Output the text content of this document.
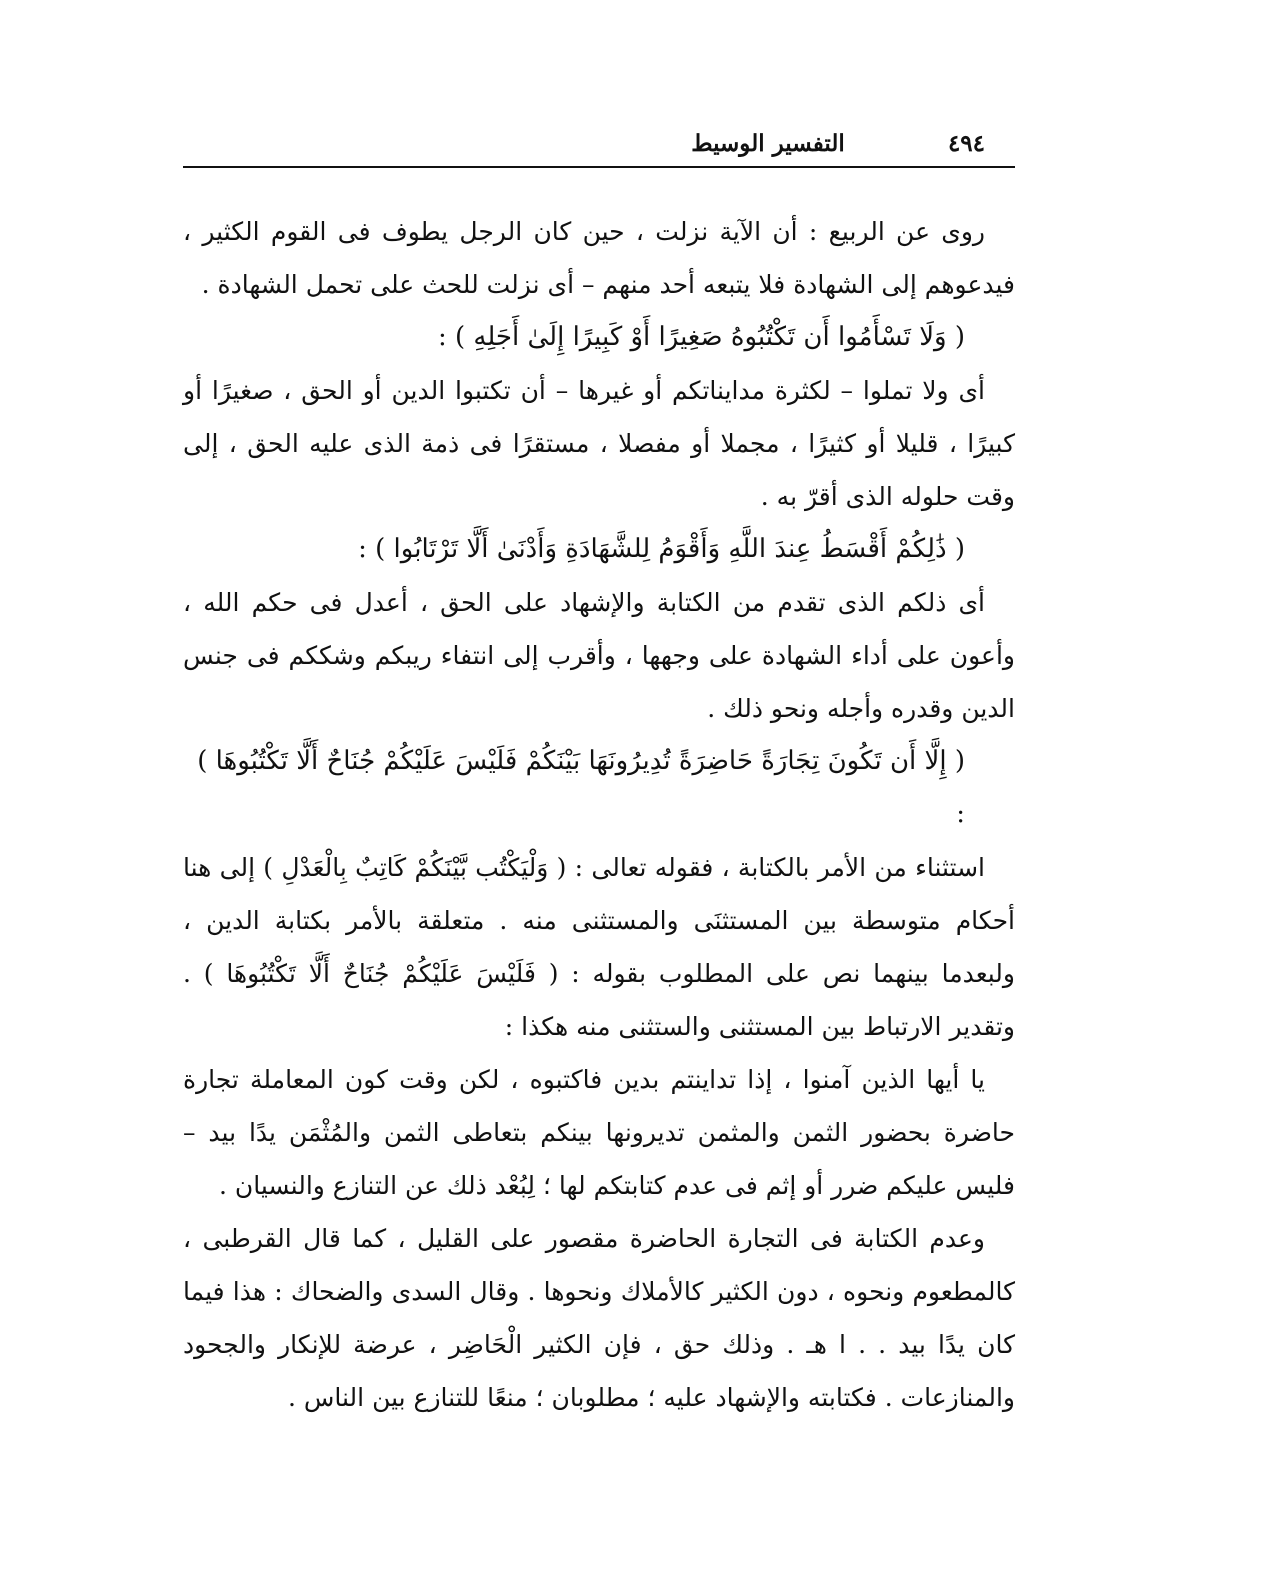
التفسير الوسيط	٤٩٤

روى عن الربيع : أن الآية نزلت ، حين كان الرجل يطوف فى القوم الكثير ، فيدعوهم إلى الشهادة فلا يتبعه أحد منهم – أى نزلت للحث على تحمل الشهادة .

( وَلَا تَسْأَمُوا أَن تَكْتُبُوهُ صَغِيرًا أَوْ كَبِيرًا إِلَىٰ أَجَلِهِ ) :

أى ولا تملوا – لكثرة مدايناتكم أو غيرها – أن تكتبوا الدين أو الحق ، صغيرًا أو كبيرًا ، قليلا أو كثيرًا ، مجملا أو مفصلا ، مستقرًا فى ذمة الذى عليه الحق ، إلى وقت حلوله الذى أقرّ به .

( ذَٰلِكُمْ أَقْسَطُ عِندَ اللَّهِ وَأَقْوَمُ لِلشَّهَادَةِ وَأَدْنَىٰ أَلَّا تَرْتَابُوا ) :

أى ذلكم الذى تقدم من الكتابة والإشهاد على الحق ، أعدل فى حكم الله ، وأعون على أداء الشهادة على وجهها ، وأقرب إلى انتفاء ريبكم وشككم فى جنس الدين وقدره وأجله ونحو ذلك .

( إِلَّا أَن تَكُونَ تِجَارَةً حَاضِرَةً تُدِيرُونَهَا بَيْنَكُمْ فَلَيْسَ عَلَيْكُمْ جُنَاحٌ أَلَّا تَكْتُبُوهَا ) :

استثناء من الأمر بالكتابة ، فقوله تعالى : ( وَلْيَكْتُب بَّيْنَكُمْ كَاتِبٌ بِالْعَدْلِ ) إلى هنا أحكام متوسطة بين المستثنَى والمستثنى منه . متعلقة بالأمر بكتابة الدين ، ولبعدما بينهما نص على المطلوب بقوله : ( فَلَيْسَ عَلَيْكُمْ جُنَاحٌ أَلَّا تَكْتُبُوهَا ) . وتقدير الارتباط بين المستثنى والستثنى منه هكذا :

يا أيها الذين آمنوا ، إذا تداينتم بدين فاكتبوه ، لكن وقت كون المعاملة تجارة حاضرة بحضور الثمن والمثمن تديرونها بينكم بتعاطى الثمن والمُثْمَن يدًا بيد – فليس عليكم ضرر أو إثم فى عدم كتابتكم لها ؛ لِبُعْد ذلك عن التنازع والنسيان .

وعدم الكتابة فى التجارة الحاضرة مقصور على القليل ، كما قال القرطبى ، كالمطعوم ونحوه ، دون الكثير كالأملاك ونحوها . وقال السدى والضحاك : هذا فيما كان يدًا بيد . . ا هـ . وذلك حق ، فإن الكثير الْحَاضِر ، عرضة للإنكار والجحود والمنازعات . فكتابته والإشهاد عليه ؛ مطلوبان ؛ منعًا للتنازع بين الناس .
